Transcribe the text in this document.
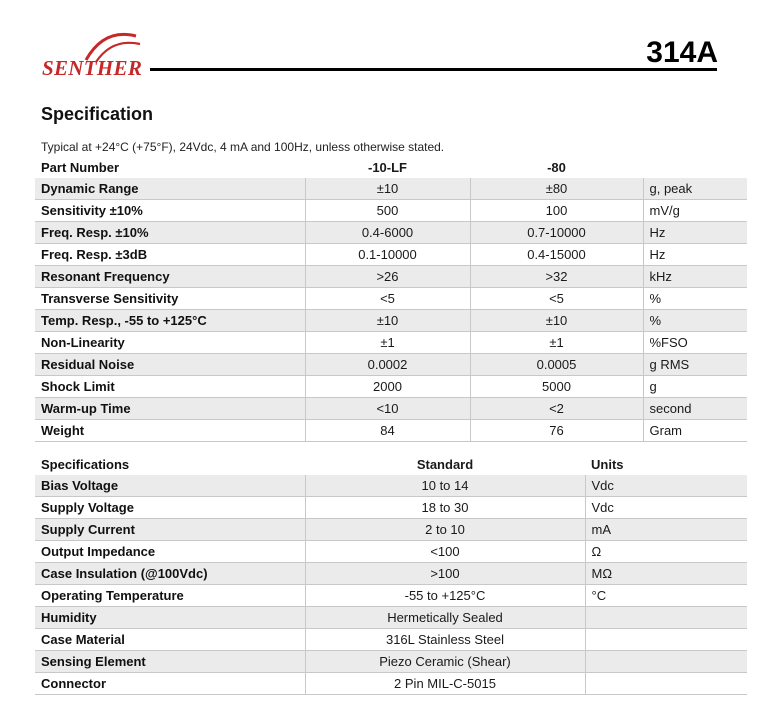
SENTHER	314A
Specification
Typical at +24°C (+75°F), 24Vdc, 4 mA and 100Hz, unless otherwise stated.
Part Number	-10-LF	-80	
Dynamic Range	±10	±80	g, peak
Sensitivity ±10%	500	100	mV/g
Freq. Resp. ±10%	0.4-6000	0.7-10000	Hz
Freq. Resp. ±3dB	0.1-10000	0.4-15000	Hz
Resonant Frequency	>26	>32	kHz
Transverse Sensitivity	<5	<5	%
Temp. Resp., -55 to +125°C	±10	±10	%
Non-Linearity	±1	±1	%FSO
Residual Noise	0.0002	0.0005	g RMS
Shock Limit	2000	5000	g
Warm-up Time	<10	<2	second
Weight	84	76	Gram
Specifications	Standard	Units
Bias Voltage	10 to 14	Vdc
Supply Voltage	18 to 30	Vdc
Supply Current	2 to 10	mA
Output Impedance	<100	Ω
Case Insulation (@100Vdc)	>100	MΩ
Operating Temperature	-55 to +125°C	°C
Humidity	Hermetically Sealed	
Case Material	316L Stainless Steel	
Sensing Element	Piezo Ceramic (Shear)	
Connector	2 Pin MIL-C-5015	
